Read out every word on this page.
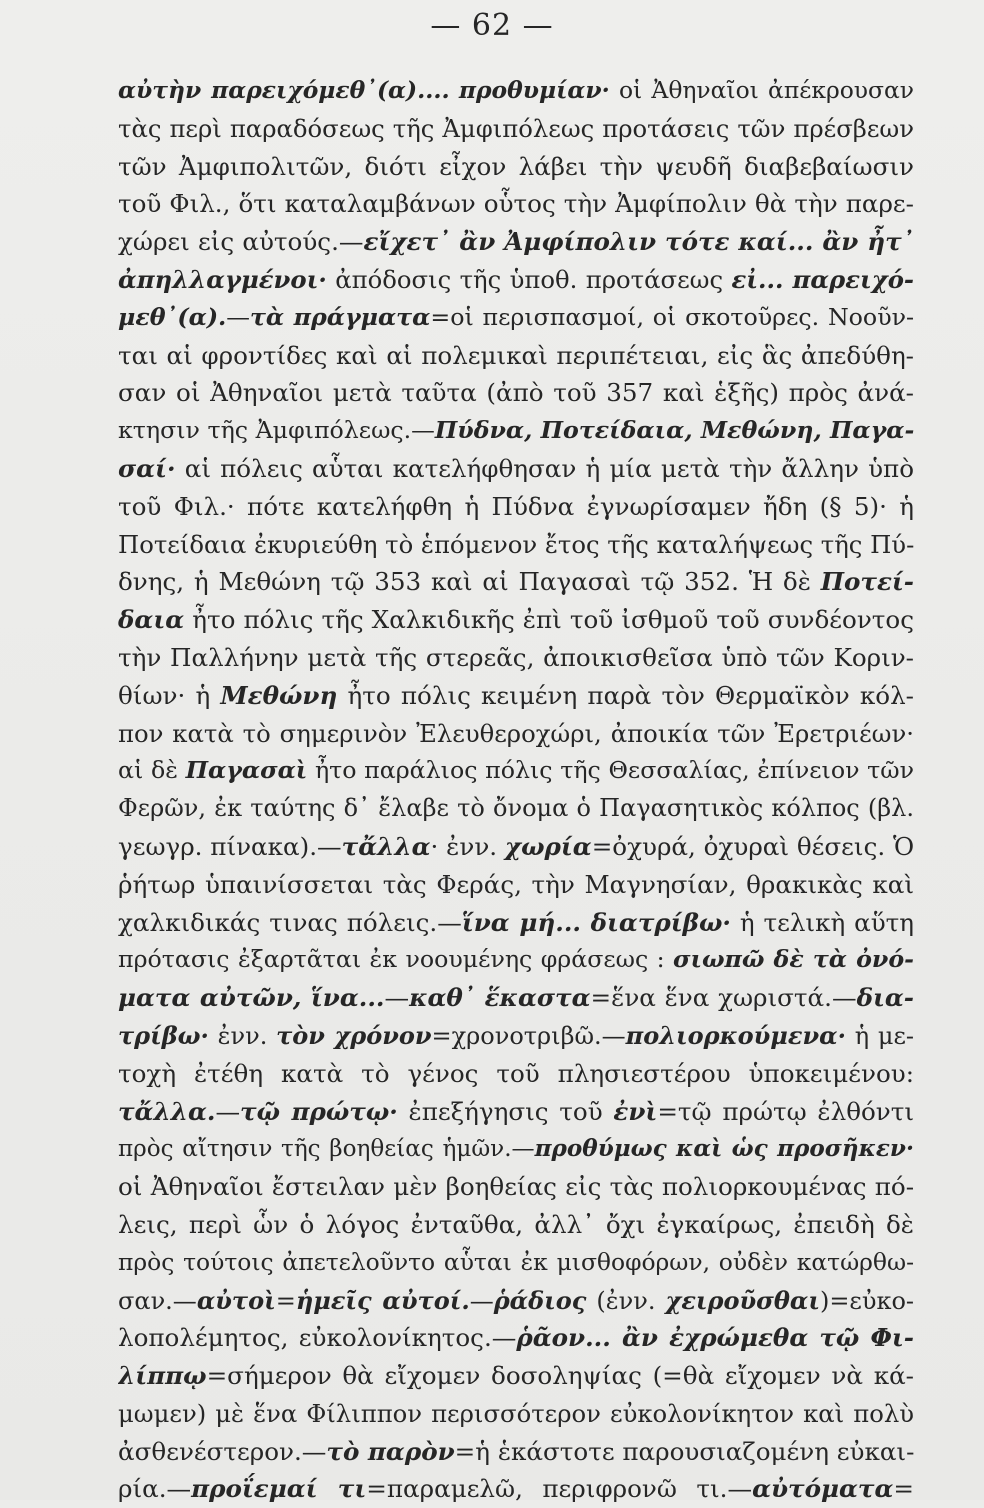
— 62 —
αὐτὴν παρειχόμεθ᾽(α).... προθυμίαν· οἱ Ἀθηναῖοι ἀπέκρουσαν
τὰς περὶ παραδόσεως τῆς Ἀμφιπόλεως προτάσεις τῶν πρέσβεων
τῶν Ἀμφιπολιτῶν, διότι εἶχον λάβει τὴν ψευδῆ διαβεβαίωσιν
τοῦ Φιλ., ὅτι καταλαμβάνων οὗτος τὴν Ἀμφίπολιν θὰ τὴν παρε-
χώρει εἰς αὐτούς.—εἴχετ᾽ ἂν Ἀμφίπολιν τότε καί... ἂν ἦτ᾽
ἀπηλλαγμένοι· ἀπόδοσις τῆς ὑποθ. προτάσεως εἰ... παρειχό-
μεθ᾽(α).—τὰ πράγματα=οἱ περισπασμοί, οἱ σκοτοῦρες. Νοοῦν-
ται αἱ φροντίδες καὶ αἱ πολεμικαὶ περιπέτειαι, εἰς ἃς ἀπεδύθη-
σαν οἱ Ἀθηναῖοι μετὰ ταῦτα (ἀπὸ τοῦ 357 καὶ ἑξῆς) πρὸς ἀνά-
κτησιν τῆς Ἀμφιπόλεως.—Πύδνα, Ποτείδαια, Μεθώνη, Παγα-
σαί· αἱ πόλεις αὗται κατελήφθησαν ἡ μία μετὰ τὴν ἄλλην ὑπὸ
τοῦ Φιλ.· πότε κατελήφθη ἡ Πύδνα ἐγνωρίσαμεν ἤδη (§ 5)· ἡ
Ποτείδαια ἐκυριεύθη τὸ ἑπόμενον ἔτος τῆς καταλήψεως τῆς Πύ-
δνης, ἡ Μεθώνη τῷ 353 καὶ αἱ Παγασαὶ τῷ 352. Ἡ δὲ Ποτεί-
δαια ἦτο πόλις τῆς Χαλκιδικῆς ἐπὶ τοῦ ἰσθμοῦ τοῦ συνδέοντος
τὴν Παλλήνην μετὰ τῆς στερεᾶς, ἀποικισθεῖσα ὑπὸ τῶν Κοριν-
θίων· ἡ Μεθώνη ἦτο πόλις κειμένη παρὰ τὸν Θερμαϊκὸν κόλ-
πον κατὰ τὸ σημερινὸν Ἐλευθεροχώρι, ἀποικία τῶν Ἐρετριέων·
αἱ δὲ Παγασαὶ ἦτο παράλιος πόλις τῆς Θεσσαλίας, ἐπίνειον τῶν
Φερῶν, ἐκ ταύτης δ᾽ ἔλαβε τὸ ὄνομα ὁ Παγασητικὸς κόλπος (βλ.
γεωγρ. πίνακα).—τἄλλα· ἐνν. χωρία=ὀχυρά, ὀχυραὶ θέσεις. Ὁ
ῥήτωρ ὑπαινίσσεται τὰς Φεράς, τὴν Μαγνησίαν, θρακικὰς καὶ
χαλκιδικάς τινας πόλεις.—ἵνα μή... διατρίβω· ἡ τελικὴ αὕτη
πρότασις ἐξαρτᾶται ἐκ νοουμένης φράσεως : σιωπῶ δὲ τὰ ὀνό-
ματα αὐτῶν, ἵνα...—καθ᾽ ἕκαστα=ἕνα ἕνα χωριστά.—δια-
τρίβω· ἐνν. τὸν χρόνον=χρονοτριβῶ.—πολιορκούμενα· ἡ με-
τοχὴ ἐτέθη κατὰ τὸ γένος τοῦ πλησιεστέρου ὑποκειμένου:
τἄλλα.—τῷ πρώτῳ· ἐπεξήγησις τοῦ ἐνὶ=τῷ πρώτῳ ἐλθόντι
πρὸς αἴτησιν τῆς βοηθείας ἡμῶν.—προθύμως καὶ ὡς προσῆκεν·
οἱ Ἀθηναῖοι ἔστειλαν μὲν βοηθείας εἰς τὰς πολιορκουμένας πό-
λεις, περὶ ὧν ὁ λόγος ἐνταῦθα, ἀλλ᾽ ὄχι ἐγκαίρως, ἐπειδὴ δὲ
πρὸς τούτοις ἀπετελοῦντο αὗται ἐκ μισθοφόρων, οὐδὲν κατώρθω-
σαν.—αὐτοὶ=ἡμεῖς αὐτοί.—ῥάδιος (ἐνν. χειροῦσθαι)=εὐκο-
λοπολέμητος, εὐκολονίκητος.—ῥᾶον... ἂν ἐχρώμεθα τῷ Φι-
λίππῳ=σήμερον θὰ εἴχομεν δοσοληψίας (=θὰ εἴχομεν νὰ κά-
μωμεν) μὲ ἕνα Φίλιππον περισσότερον εὐκολονίκητον καὶ πολὺ
ἀσθενέστερον.—τὸ παρὸν=ἡ ἑκάστοτε παρουσιαζομένη εὐκαι-
ρία.—προΐεμαί τι=παραμελῶ, περιφρονῶ τι.—αὐτόματα=
